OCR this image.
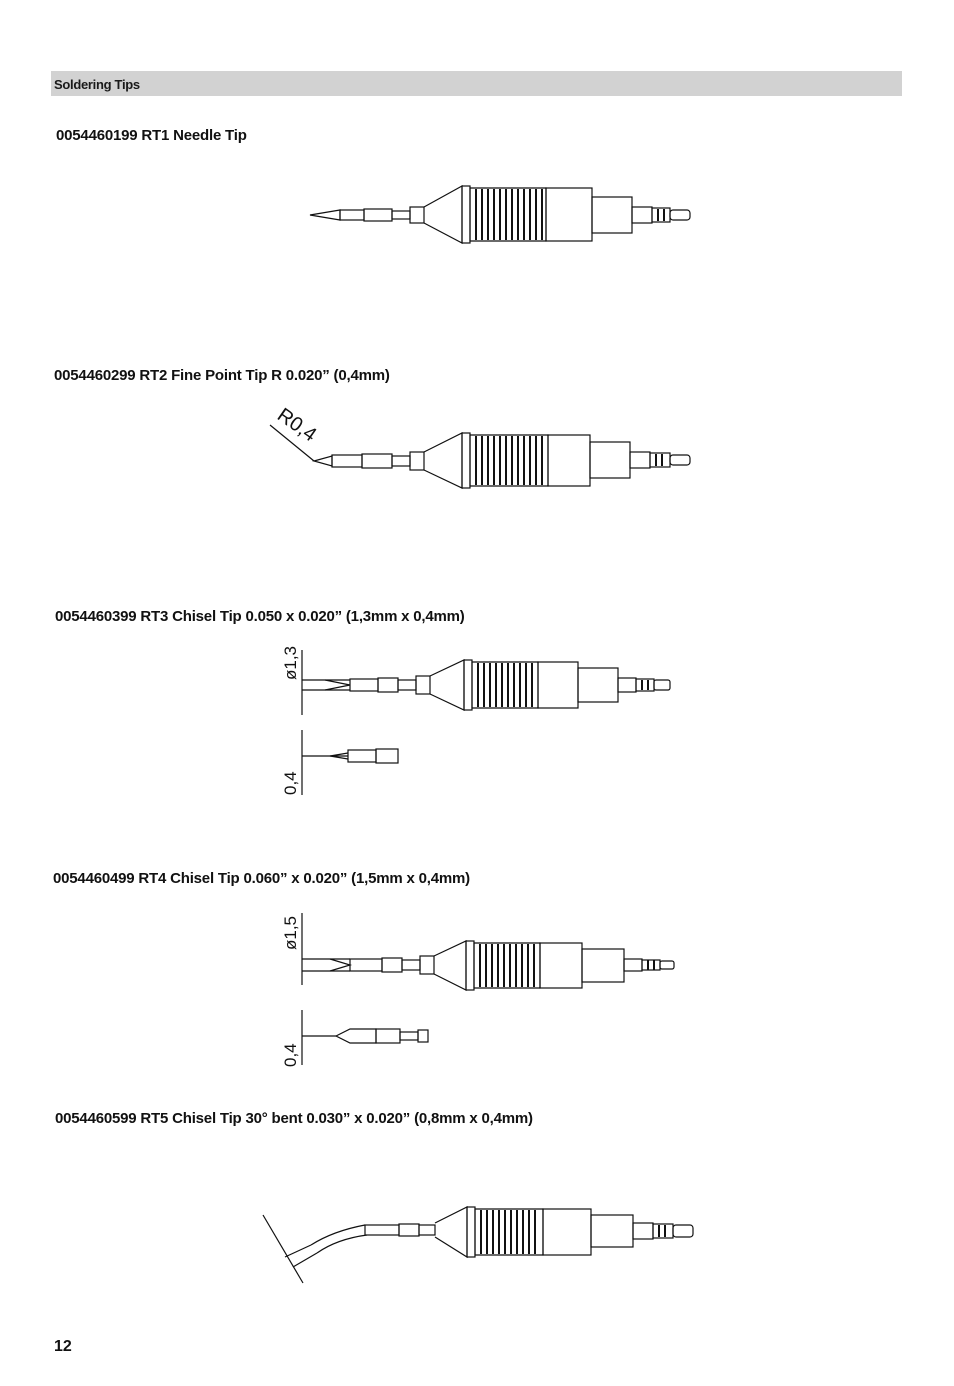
Soldering Tips
0054460199 RT1 Needle Tip
0054460299 RT2 Fine Point Tip R 0.020” (0,4mm)
0054460399 RT3 Chisel Tip 0.050 x 0.020” (1,3mm x 0,4mm)
0054460499 RT4 Chisel Tip 0.060” x 0.020” (1,5mm x 0,4mm)
0054460599 RT5 Chisel Tip 30° bent 0.030” x 0.020” (0,8mm x 0,4mm)
R0,4
ø1,3
0,4
ø1,5
0,4
12
